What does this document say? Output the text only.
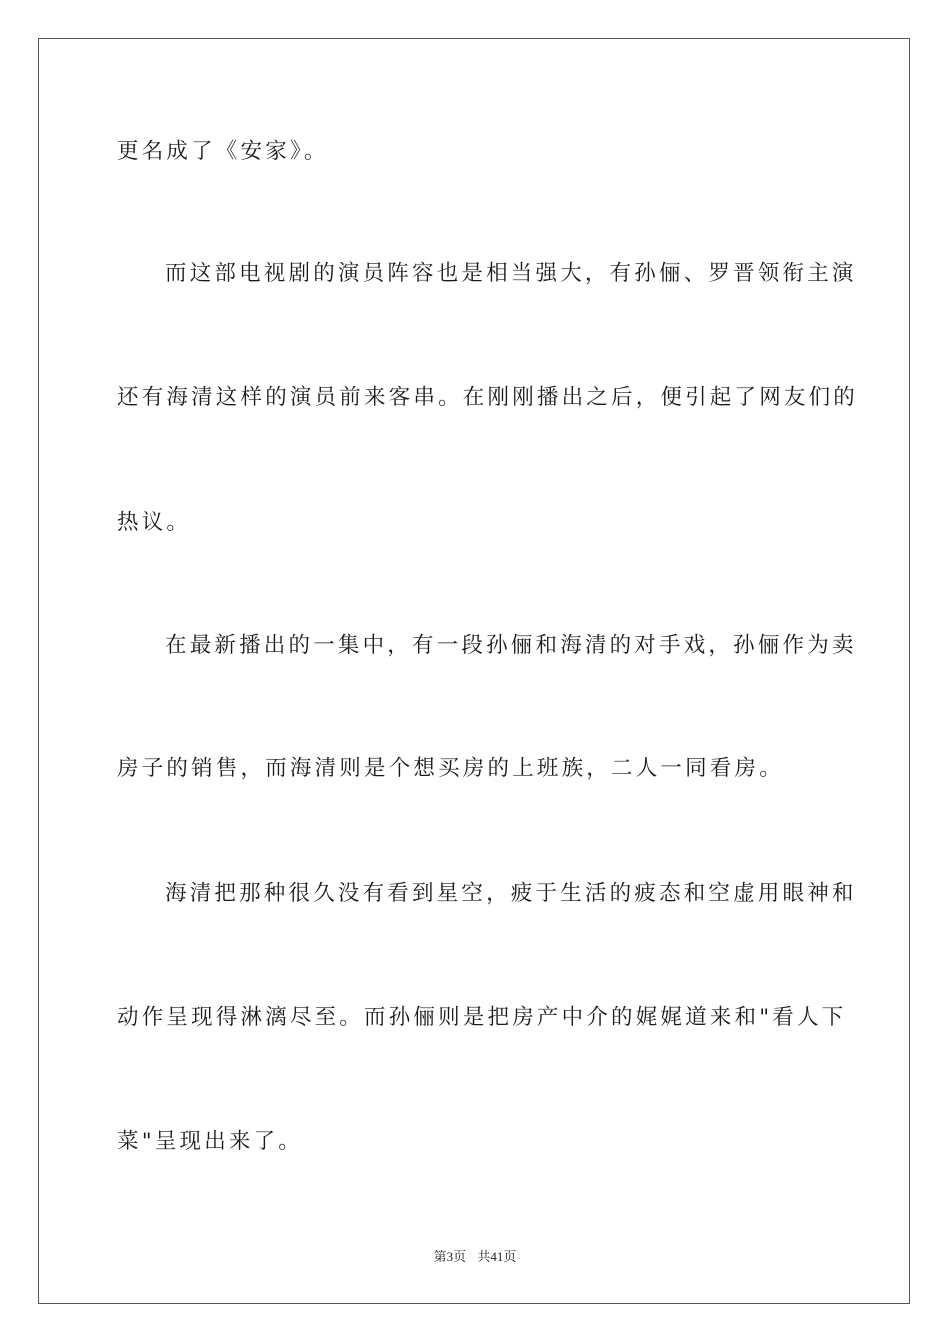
更名成了《安家》。
而这部电视剧的演员阵容也是相当强大，有孙俪、罗晋领衔主演
还有海清这样的演员前来客串。在刚刚播出之后，便引起了网友们的
热议。
在最新播出的一集中，有一段孙俪和海清的对手戏，孙俪作为卖
房子的销售，而海清则是个想买房的上班族，二人一同看房。
海清把那种很久没有看到星空，疲于生活的疲态和空虚用眼神和
动作呈现得淋漓尽至。而孙俪则是把房产中介的娓娓道来和"看人下
菜"呈现出来了。
第3页 共41页
